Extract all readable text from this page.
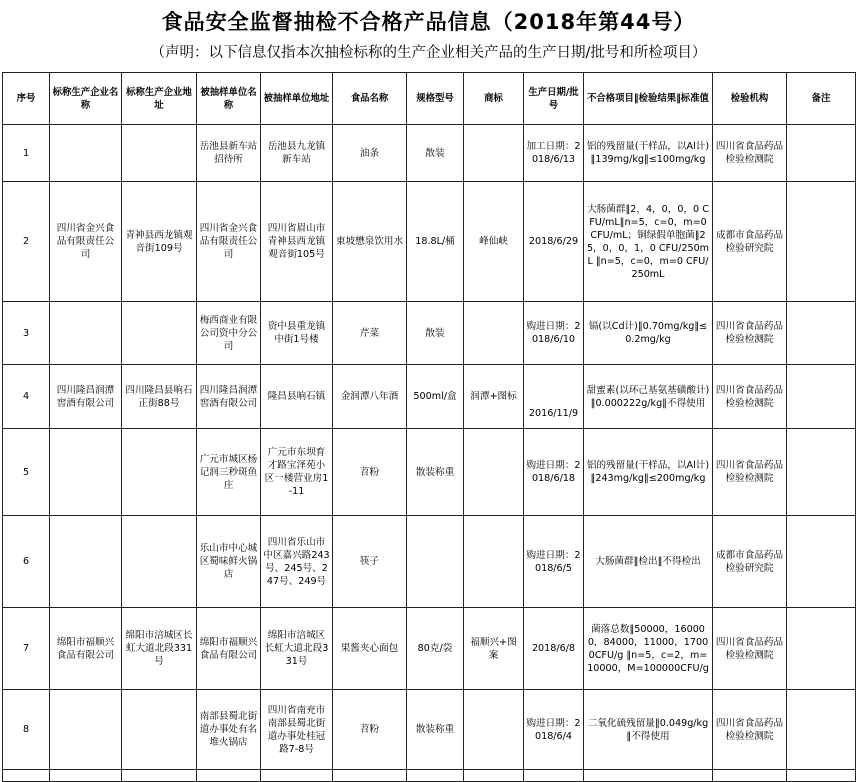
食品安全监督抽检不合格产品信息（2018年第44号）
（声明：以下信息仅指本次抽检标称的生产企业相关产品的生产日期/批号和所检项目）
序号	标称生产企业名称	标称生产企业地址	被抽样单位名称	被抽样单位地址	食品名称	规格型号	商标	生产日期/批号	不合格项目‖检验结果‖标准值	检验机构	备注
1			岳池县新车站招待所	岳池县九龙镇新车站	油条	散装		加工日期：2018/6/13	铝的残留量(干样品，以Al计)‖139mg/kg‖≤100mg/kg	四川省食品药品检验检测院	
2	四川省金兴食品有限责任公司	青神县西龙镇观音街109号	四川省金兴食品有限责任公司	四川省眉山市青神县西龙镇观音街105号	東坡懋泉饮用水	18.8L/桶	峰仙峡	2018/6/29	大肠菌群‖2，4，0，0，0 CFU/mL‖n=5，c=0，m=0 CFU/mL；铜绿假单胞菌‖25，0，0，1，0 CFU/250mL ‖n=5，c=0，m=0 CFU/250mL	成都市食品药品检验研究院	
3			梅西商业有限公司资中分公司	资中县重龙镇中街1号楼	芹菜	散装		购进日期：2018/6/10	镉(以Cd计)‖0.70mg/kg‖≤0.2mg/kg	四川省食品药品检验检测院	
4	四川隆昌润潭窖酒有限公司	四川隆昌县响石正街88号	四川隆昌润潭窖酒有限公司	隆昌县响石镇	金润潭八年酒	500ml/盒	润潭+图标	2016/11/9	甜蜜素(以环己基氨基磺酸计)‖0.000222g/kg‖不得使用	四川省食品药品检验检测院	
5			广元市城区杨记润三秒斑鱼庄	广元市东坝育才路宝泽苑小区一楼营业房1-11	苕粉	散装称重		购进日期：2018/6/18	铝的残留量(干样品，以Al计)‖243mg/kg‖≤200mg/kg	四川省食品药品检验检测院	
6			乐山市中心城区蜀味鲜火锅店	四川省乐山市中区嘉兴路243号、245号、247号、249号	筷子			购进日期：2018/6/5	大肠菌群‖检出‖不得检出	成都市食品药品检验研究院	
7	绵阳市福顺兴食品有限公司	绵阳市涪城区长虹大道北段331号	绵阳市福顺兴食品有限公司	绵阳市涪城区长虹大道北段331号	果酱夹心面包	80克/袋	福顺兴+图案	2018/6/8	菌落总数‖50000，160000，84000，11000，17000CFU/g ‖n=5，c=2，m=10000，M=100000CFU/g	四川省食品药品检验检测院	
8			南部县蜀北街道办事处有名堆火锅店	四川省南充市南部县蜀北街道办事处桂冠路7-8号	苕粉	散装称重		购进日期：2018/6/4	二氧化硫残留量‖0.049g/kg‖不得使用	四川省食品药品检验检测院	
